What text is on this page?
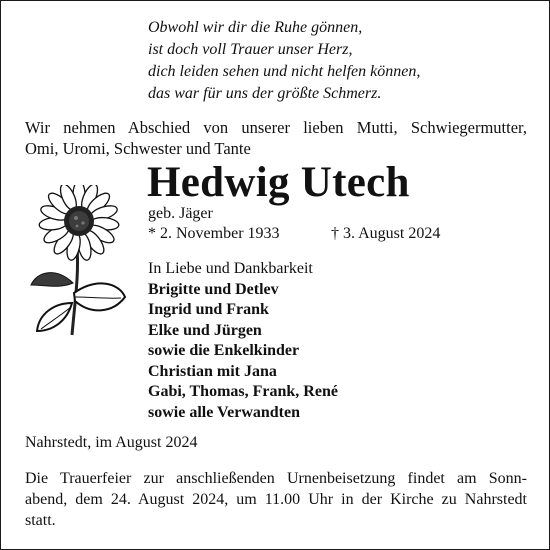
Obwohl wir dir die Ruhe gönnen,
ist doch voll Trauer unser Herz,
dich leiden sehen und nicht helfen können,
das war für uns der größte Schmerz.
Wir nehmen Abschied von unserer lieben Mutti, Schwiegermutter,
Omi, Uromi, Schwester und Tante
Hedwig Utech
geb. Jäger
* 2. November 1933	† 3. August 2024
In Liebe und Dankbarkeit
Brigitte und Detlev
Ingrid und Frank
Elke und Jürgen
sowie die Enkelkinder
Christian mit Jana
Gabi, Thomas, Frank, René
sowie alle Verwandten
Nahrstedt, im August 2024
Die Trauerfeier zur anschließenden Urnenbeisetzung findet am Sonn-
abend, dem 24. August 2024, um 11.00 Uhr in der Kirche zu Nahrstedt
statt.
